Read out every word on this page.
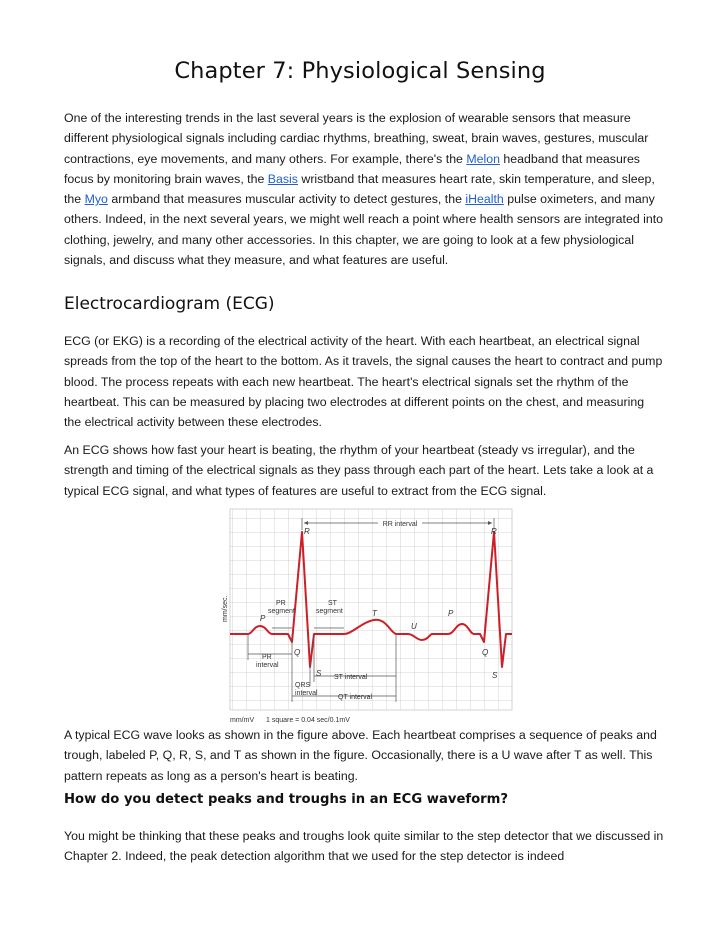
Chapter 7: Physiological Sensing

One of the interesting trends in the last several years is the explosion of wearable sensors that measure different physiological signals including cardiac rhythms, breathing, sweat, brain waves, gestures, muscular contractions, eye movements, and many others. For example, there's the Melon headband that measures focus by monitoring brain waves, the Basis wristband that measures heart rate, skin temperature, and sleep, the Myo armband that measures muscular activity to detect gestures, the iHealth pulse oximeters, and many others. Indeed, in the next several years, we might well reach a point where health sensors are integrated into clothing, jewelry, and many other accessories. In this chapter, we are going to look at a few physiological signals, and discuss what they measure, and what features are useful.

Electrocardiogram (ECG)

ECG (or EKG) is a recording of the electrical activity of the heart. With each heartbeat, an electrical signal spreads from the top of the heart to the bottom. As it travels, the signal causes the heart to contract and pump blood. The process repeats with each new heartbeat. The heart's electrical signals set the rhythm of the heartbeat. This can be measured by placing two electrodes at different points on the chest, and measuring the electrical activity between these electrodes.

An ECG shows how fast your heart is beating, the rhythm of your heartbeat (steady vs irregular), and the strength and timing of the electrical signals as they pass through each part of the heart. Lets take a look at a typical ECG signal, and what types of features are useful to extract from the ECG signal.

RR interval
R	R
PR
segment
ST
segment
P
T	P
U
Q	Q
PR
interval
S	S
ST interval
QRS
interval
QT interval
mm/sec.
mm/mV 1 square = 0.04 sec/0.1mV

A typical ECG wave looks as shown in the figure above. Each heartbeat comprises a sequence of peaks and trough, labeled P, Q, R, S, and T as shown in the figure. Occasionally, there is a U wave after T as well. This pattern repeats as long as a person's heart is beating.

How do you detect peaks and troughs in an ECG waveform?

You might be thinking that these peaks and troughs look quite similar to the step detector that we discussed in Chapter 2. Indeed, the peak detection algorithm that we used for the step detector is indeed
